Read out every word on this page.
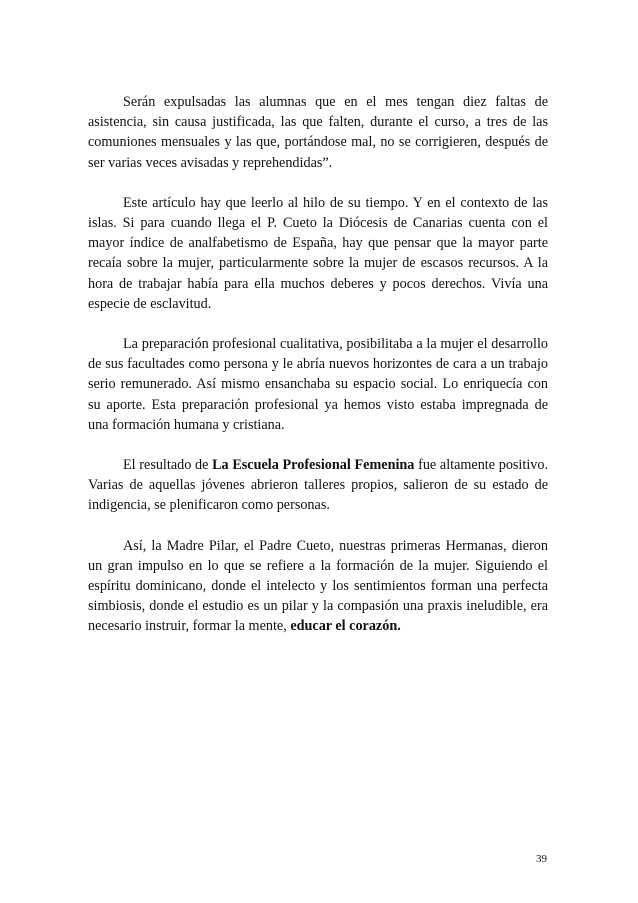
Serán expulsadas las alumnas que en el mes tengan diez faltas de asistencia, sin causa justificada, las que falten, durante el curso, a tres de las comuniones mensuales y las que, portándose mal, no se corrigieren, después de ser varias veces avisadas y reprehendidas”.

Este artículo hay que leerlo al hilo de su tiempo. Y en el contexto de las islas. Si para cuando llega el P. Cueto la Diócesis de Canarias cuenta con el mayor índice de analfabetismo de España, hay que pensar que la mayor parte recaía sobre la mujer, particularmente sobre la mujer de escasos recursos. A la hora de trabajar había para ella muchos deberes y pocos derechos. Vivía una especie de esclavitud.

La preparación profesional cualitativa, posibilitaba a la mujer el desarrollo de sus facultades como persona y le abría nuevos horizontes de cara a un trabajo serio remunerado. Así mismo ensanchaba su espacio social. Lo enriquecía con su aporte. Esta preparación profesional ya hemos visto estaba impregnada de una formación humana y cristiana.

El resultado de La Escuela Profesional Femenina fue altamente positivo. Varias de aquellas jóvenes abrieron talleres propios, salieron de su estado de indigencia, se plenificaron como personas.

Así, la Madre Pilar, el Padre Cueto, nuestras primeras Hermanas, dieron un gran impulso en lo que se refiere a la formación de la mujer. Siguiendo el espíritu dominicano, donde el intelecto y los sentimientos forman una perfecta simbiosis, donde el estudio es un pilar y la compasión una praxis ineludible, era necesario instruir, formar la mente, educar el corazón.

39
